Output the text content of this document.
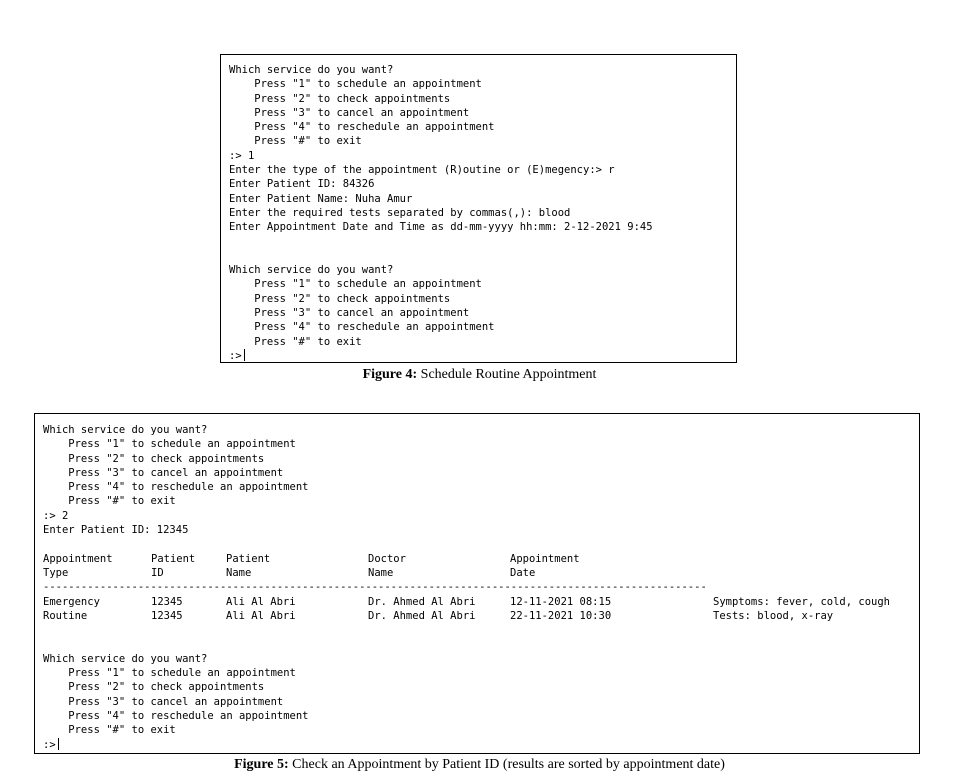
Which service do you want?
Press "1" to schedule an appointment
Press "2" to check appointments
Press "3" to cancel an appointment
Press "4" to reschedule an appointment
Press "#" to exit
:> 1
Enter the type of the appointment (R)outine or (E)megency:> r
Enter Patient ID: 84326
Enter Patient Name: Nuha Amur
Enter the required tests separated by commas(,): blood
Enter Appointment Date and Time as dd-mm-yyyy hh:mm: 2-12-2021 9:45
Which service do you want?
Press "1" to schedule an appointment
Press "2" to check appointments
Press "3" to cancel an appointment
Press "4" to reschedule an appointment
Press "#" to exit
:>
Figure 4: Schedule Routine Appointment
Which service do you want?
Press "1" to schedule an appointment
Press "2" to check appointments
Press "3" to cancel an appointment
Press "4" to reschedule an appointment
Press "#" to exit
:> 2
Enter Patient ID: 12345
Appointment	Patient	Patient	Doctor	Appointment
Type	ID	Name	Name	Date
---------------------------------------------------------------------------------------------------------
Emergency	12345	Ali Al Abri	Dr. Ahmed Al Abri	12-11-2021 08:15	Symptoms: fever, cold, cough
Routine	12345	Ali Al Abri	Dr. Ahmed Al Abri	22-11-2021 10:30	Tests: blood, x-ray
Which service do you want?
Press "1" to schedule an appointment
Press "2" to check appointments
Press "3" to cancel an appointment
Press "4" to reschedule an appointment
Press "#" to exit
:>
Figure 5: Check an Appointment by Patient ID (results are sorted by appointment date)
